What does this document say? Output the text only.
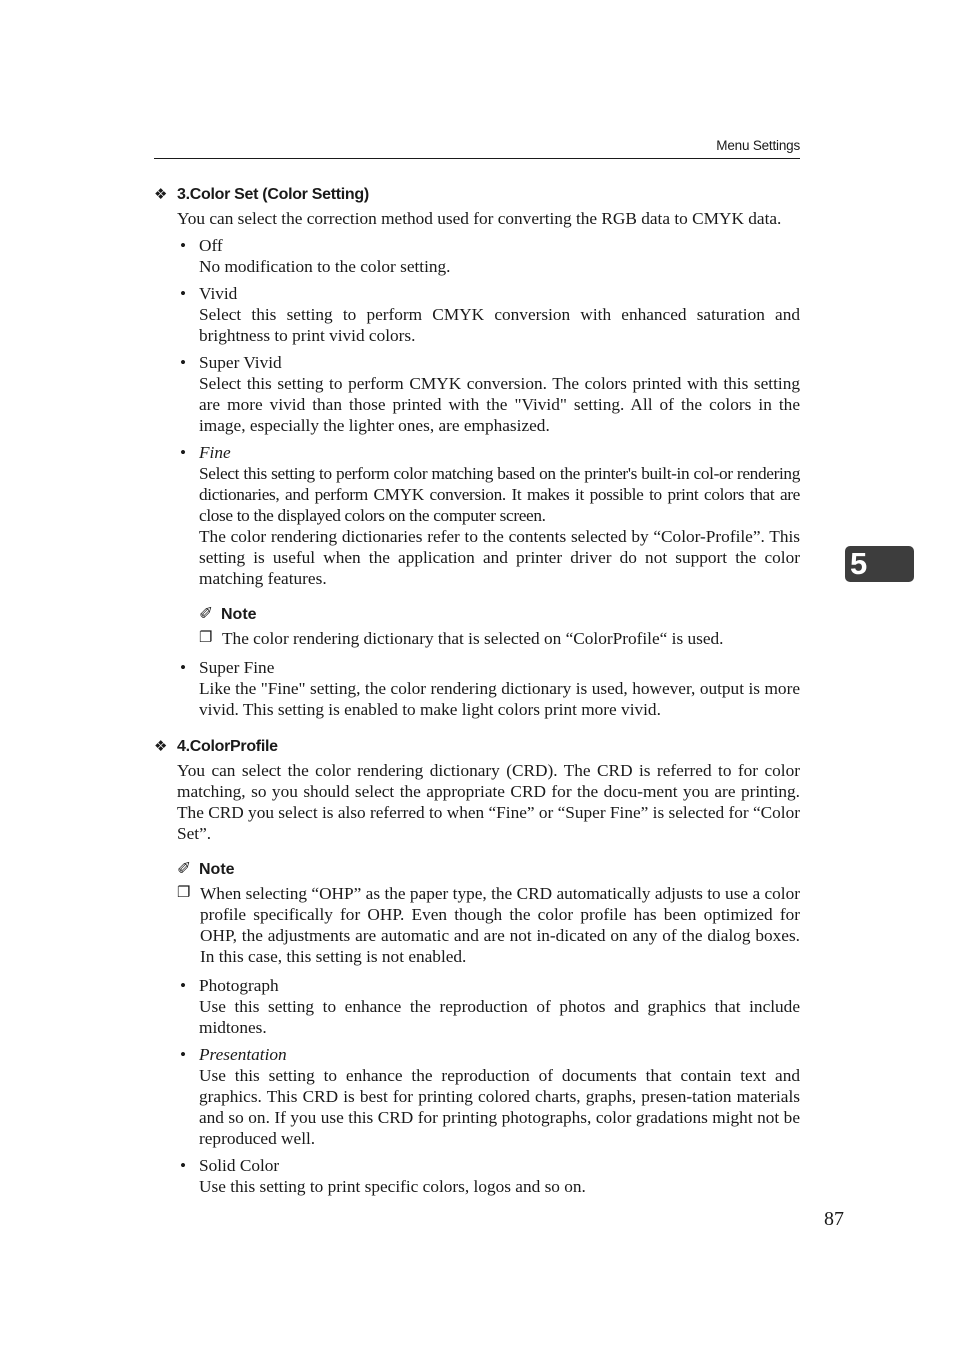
Menu Settings
5
❖ 3.Color Set (Color Setting)

You can select the correction method used for converting the RGB data to CMYK data.

• Off
No modification to the color setting.
• Vivid
Select this setting to perform CMYK conversion with enhanced saturation and brightness to print vivid colors.
• Super Vivid
Select this setting to perform CMYK conversion. The colors printed with this setting are more vivid than those printed with the "Vivid" setting. All of the colors in the image, especially the lighter ones, are emphasized.
• Fine
Select this setting to perform color matching based on the printer's built-in col-or rendering dictionaries, and perform CMYK conversion. It makes it possible to print colors that are close to the displayed colors on the computer screen.
The color rendering dictionaries refer to the contents selected by “Color-Profile”. This setting is useful when the application and printer driver do not support the color matching features.
✐ Note
❐ The color rendering dictionary that is selected on “ColorProfile“ is used.
• Super Fine
Like the "Fine" setting, the color rendering dictionary is used, however, output is more vivid. This setting is enabled to make light colors print more vivid.
❖ 4.ColorProfile

You can select the color rendering dictionary (CRD). The CRD is referred to for color matching, so you should select the appropriate CRD for the docu-ment you are printing. The CRD you select is also referred to when “Fine” or “Super Fine” is selected for “Color Set”.

✐ Note
❐ When selecting “OHP” as the paper type, the CRD automatically adjusts to use a color profile specifically for OHP. Even though the color profile has been optimized for OHP, the adjustments are automatic and are not in-dicated on any of the dialog boxes. In this case, this setting is not enabled.
• Photograph
Use this setting to enhance the reproduction of photos and graphics that include midtones.
• Presentation
Use this setting to enhance the reproduction of documents that contain text and graphics. This CRD is best for printing colored charts, graphs, presen-tation materials and so on. If you use this CRD for printing photographs, color gradations might not be reproduced well.
• Solid Color
Use this setting to print specific colors, logos and so on.
87
